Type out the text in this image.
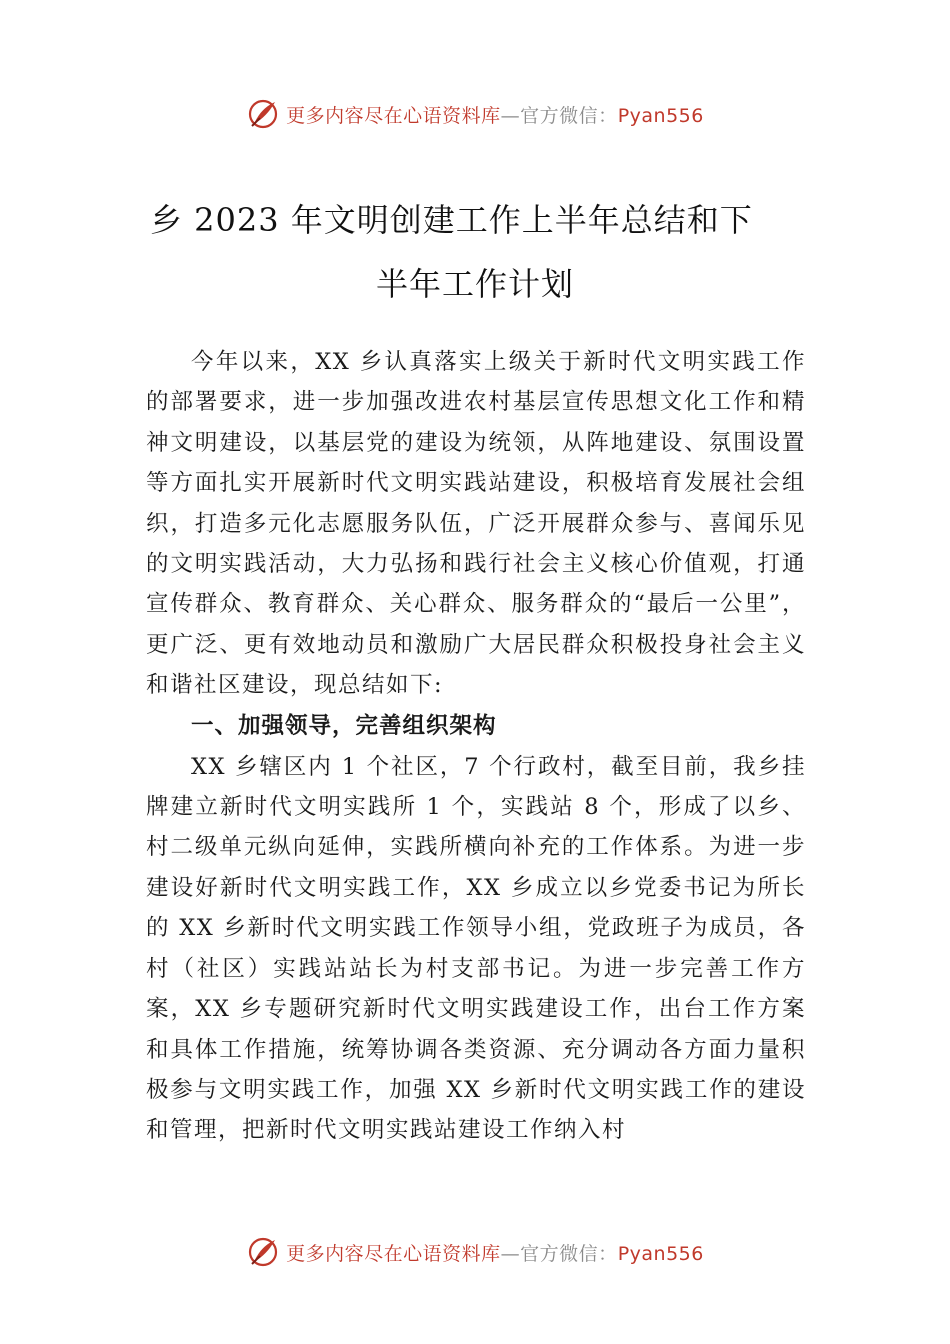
更多内容尽在心语资料库—官方微信：Pyan556
乡 2023 年文明创建工作上半年总结和下
半年工作计划

今年以来，XX 乡认真落实上级关于新时代文明实践工作的部署要求，进一步加强改进农村基层宣传思想文化工作和精神文明建设，以基层党的建设为统领，从阵地建设、氛围设置等方面扎实开展新时代文明实践站建设，积极培育发展社会组织，打造多元化志愿服务队伍，广泛开展群众参与、喜闻乐见的文明实践活动，大力弘扬和践行社会主义核心价值观，打通宣传群众、教育群众、关心群众、服务群众的“最后一公里”，更广泛、更有效地动员和激励广大居民群众积极投身社会主义和谐社区建设，现总结如下:

一、加强领导，完善组织架构

XX 乡辖区内 1 个社区，7 个行政村，截至目前，我乡挂牌建立新时代文明实践所 1 个，实践站 8 个，形成了以乡、村二级单元纵向延伸，实践所横向补充的工作体系。为进一步建设好新时代文明实践工作，XX 乡成立以乡党委书记为所长的 XX 乡新时代文明实践工作领导小组，党政班子为成员，各村（社区）实践站站长为村支部书记。为进一步完善工作方案，XX 乡专题研究新时代文明实践建设工作，出台工作方案和具体工作措施，统筹协调各类资源、充分调动各方面力量积极参与文明实践工作，加强 XX 乡新时代文明实践工作的建设和管理，把新时代文明实践站建设工作纳入村

更多内容尽在心语资料库—官方微信：Pyan556
